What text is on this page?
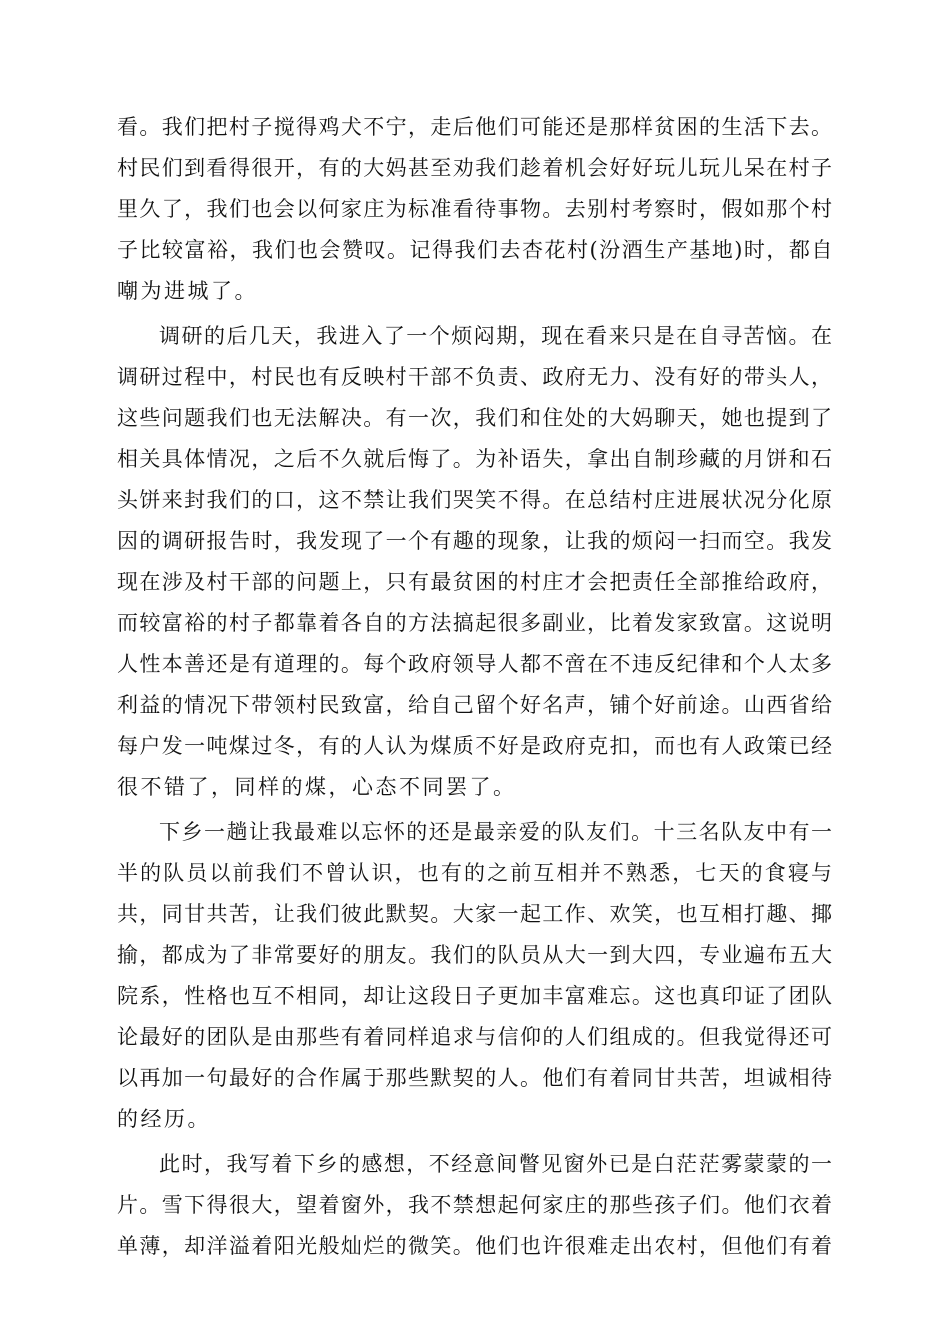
看。我们把村子搅得鸡犬不宁，走后他们可能还是那样贫困的生活下去。

村民们到看得很开，有的大妈甚至劝我们趁着机会好好玩儿玩儿呆在村子

里久了，我们也会以何家庄为标准看待事物。去别村考察时，假如那个村

子比较富裕，我们也会赞叹。记得我们去杏花村(汾酒生产基地)时，都自

嘲为进城了。

调研的后几天，我进入了一个烦闷期，现在看来只是在自寻苦恼。在

调研过程中，村民也有反映村干部不负责、政府无力、没有好的带头人，

这些问题我们也无法解决。有一次，我们和住处的大妈聊天，她也提到了

相关具体情况，之后不久就后悔了。为补语失，拿出自制珍藏的月饼和石

头饼来封我们的口，这不禁让我们哭笑不得。在总结村庄进展状况分化原

因的调研报告时，我发现了一个有趣的现象，让我的烦闷一扫而空。我发

现在涉及村干部的问题上，只有最贫困的村庄才会把责任全部推给政府，

而较富裕的村子都靠着各自的方法搞起很多副业，比着发家致富。这说明

人性本善还是有道理的。每个政府领导人都不啻在不违反纪律和个人太多

利益的情况下带领村民致富，给自己留个好名声，铺个好前途。山西省给

每户发一吨煤过冬，有的人认为煤质不好是政府克扣，而也有人政策已经

很不错了，同样的煤，心态不同罢了。

下乡一趟让我最难以忘怀的还是最亲爱的队友们。十三名队友中有一

半的队员以前我们不曾认识，也有的之前互相并不熟悉，七天的食寝与

共，同甘共苦，让我们彼此默契。大家一起工作、欢笑，也互相打趣、揶

揄，都成为了非常要好的朋友。我们的队员从大一到大四，专业遍布五大

院系，性格也互不相同，却让这段日子更加丰富难忘。这也真印证了团队

论最好的团队是由那些有着同样追求与信仰的人们组成的。但我觉得还可

以再加一句最好的合作属于那些默契的人。他们有着同甘共苦，坦诚相待

的经历。

此时，我写着下乡的感想，不经意间瞥见窗外已是白茫茫雾蒙蒙的一

片。雪下得很大，望着窗外，我不禁想起何家庄的那些孩子们。他们衣着

单薄，却洋溢着阳光般灿烂的微笑。他们也许很难走出农村，但他们有着
